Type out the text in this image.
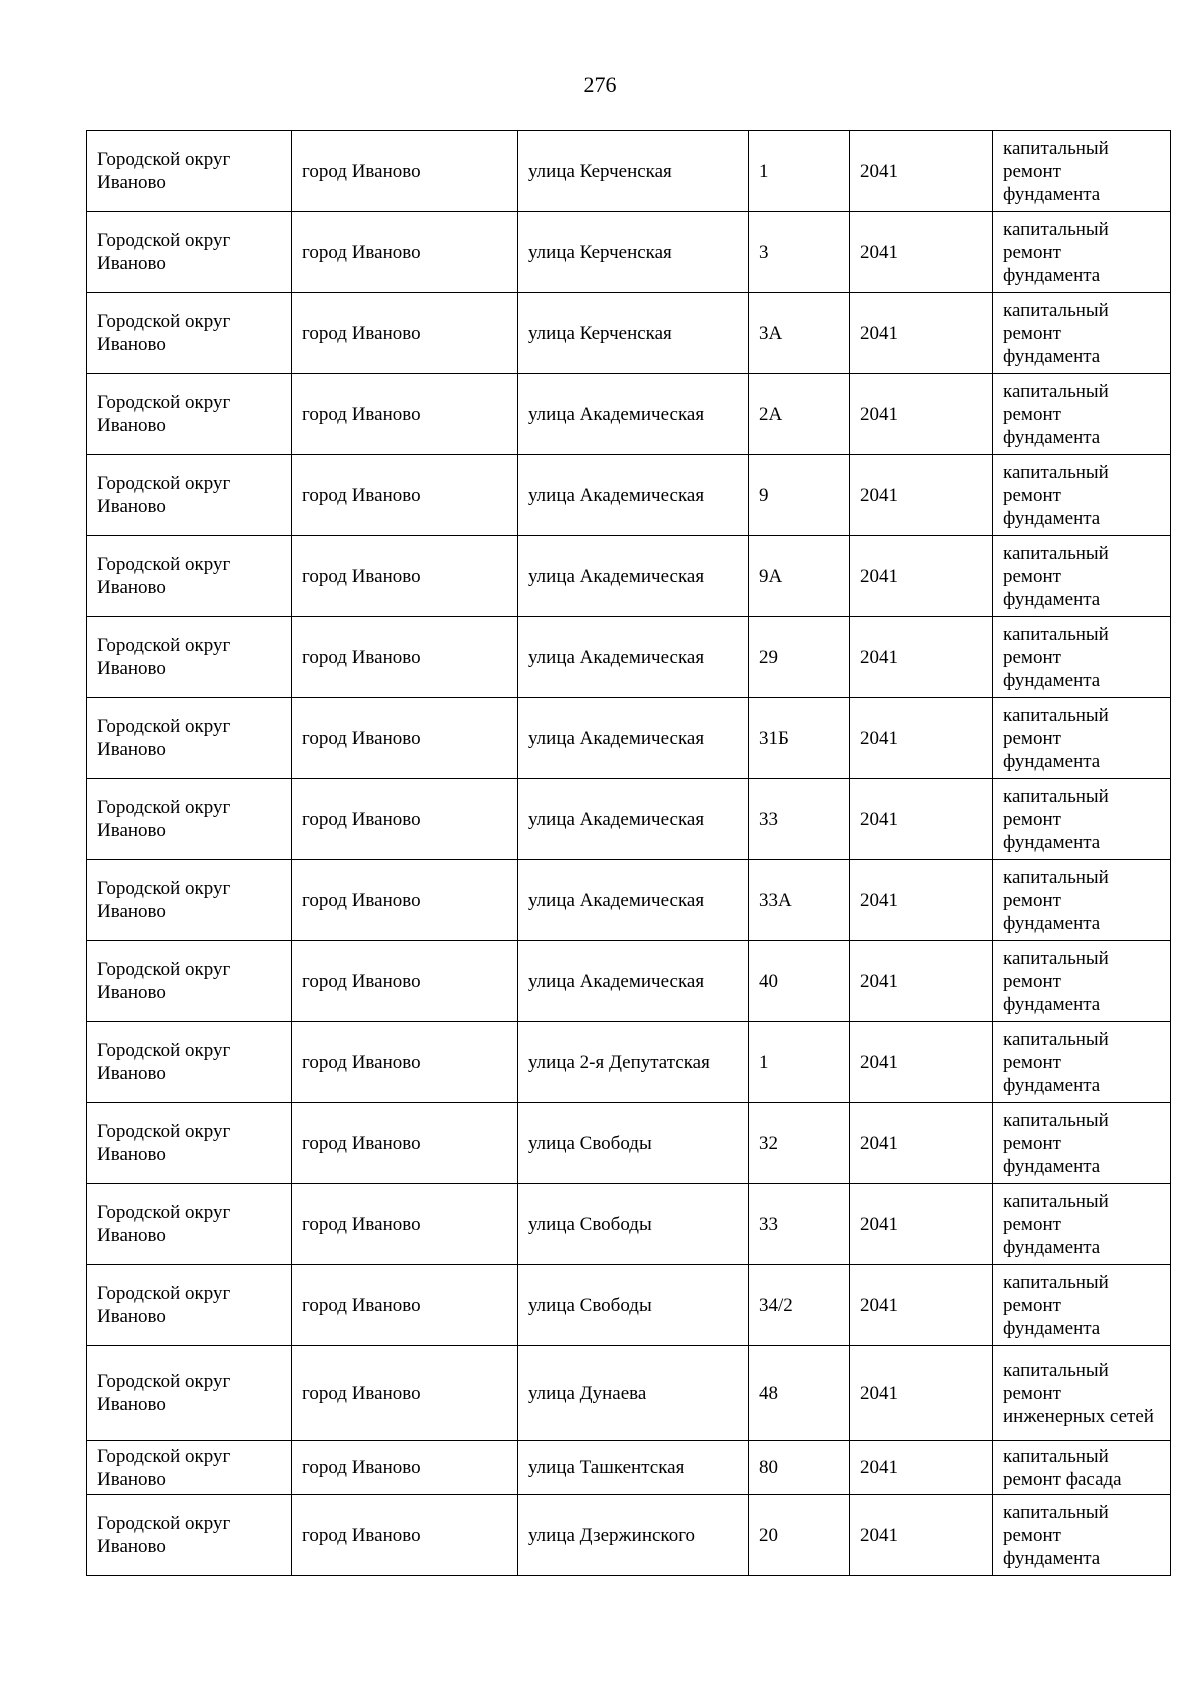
276
Городской округ Иваново	город Иваново	улица Керченская	1	2041	капитальный ремонт фундамента
Городской округ Иваново	город Иваново	улица Керченская	3	2041	капитальный ремонт фундамента
Городской округ Иваново	город Иваново	улица Керченская	3А	2041	капитальный ремонт фундамента
Городской округ Иваново	город Иваново	улица Академическая	2А	2041	капитальный ремонт фундамента
Городской округ Иваново	город Иваново	улица Академическая	9	2041	капитальный ремонт фундамента
Городской округ Иваново	город Иваново	улица Академическая	9А	2041	капитальный ремонт фундамента
Городской округ Иваново	город Иваново	улица Академическая	29	2041	капитальный ремонт фундамента
Городской округ Иваново	город Иваново	улица Академическая	31Б	2041	капитальный ремонт фундамента
Городской округ Иваново	город Иваново	улица Академическая	33	2041	капитальный ремонт фундамента
Городской округ Иваново	город Иваново	улица Академическая	33А	2041	капитальный ремонт фундамента
Городской округ Иваново	город Иваново	улица Академическая	40	2041	капитальный ремонт фундамента
Городской округ Иваново	город Иваново	улица 2-я Депутатская	1	2041	капитальный ремонт фундамента
Городской округ Иваново	город Иваново	улица Свободы	32	2041	капитальный ремонт фундамента
Городской округ Иваново	город Иваново	улица Свободы	33	2041	капитальный ремонт фундамента
Городской округ Иваново	город Иваново	улица Свободы	34/2	2041	капитальный ремонт фундамента
Городской округ Иваново	город Иваново	улица Дунаева	48	2041	капитальный ремонт инженерных сетей
Городской округ Иваново	город Иваново	улица Ташкентская	80	2041	капитальный ремонт фасада
Городской округ Иваново	город Иваново	улица Дзержинского	20	2041	капитальный ремонт фундамента
